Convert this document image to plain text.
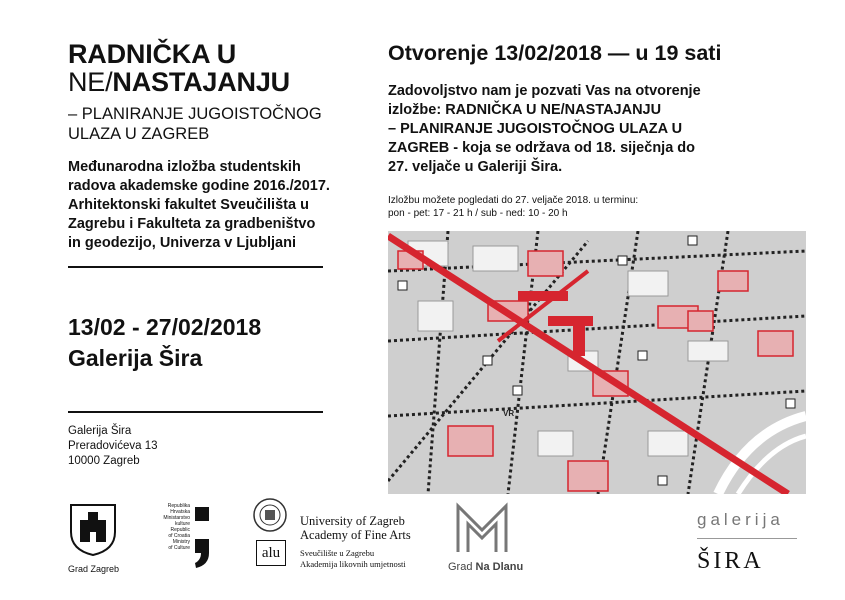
RADNIČKA U
NE/NASTAJANJU
– PLANIRANJE JUGOISTOČNOG
ULAZA U ZAGREB
Međunarodna izložba studentskih
radova akademske godine 2016./2017.
Arhitektonski fakultet Sveučilišta u
Zagrebu i Fakulteta za gradbeništvo
in geodezijo, Univerza v Ljubljani
13/02 - 27/02/2018
Galerija Šira
Galerija Šira
Preradovićeva 13
10000 Zagreb
Otvorenje 13/02/2018 — u 19 sati
Zadovoljstvo nam je pozvati Vas na otvorenje
izložbe: RADNIČKA U NE/NASTAJANJU
– PLANIRANJE JUGOISTOČNOG ULAZA U
ZAGREB - koja se održava od 18. siječnja do
27. veljače u Galeriji Šira.
Izložbu možete pogledati do 27. veljače 2018. u terminu:
pon - pet: 17 - 21 h / sub - ned: 10 - 20 h
VR
Grad Zagreb
Republika
Hrvatska
Ministarstvo
kulture
Republic
of Croatia
Ministry
of Culture	alu
University of Zagreb
Academy of Fine Arts
Sveučilište u Zagrebu
Akademija likovnih umjetnosti	Grad Na Dlanu
galerija
ŠIRA
